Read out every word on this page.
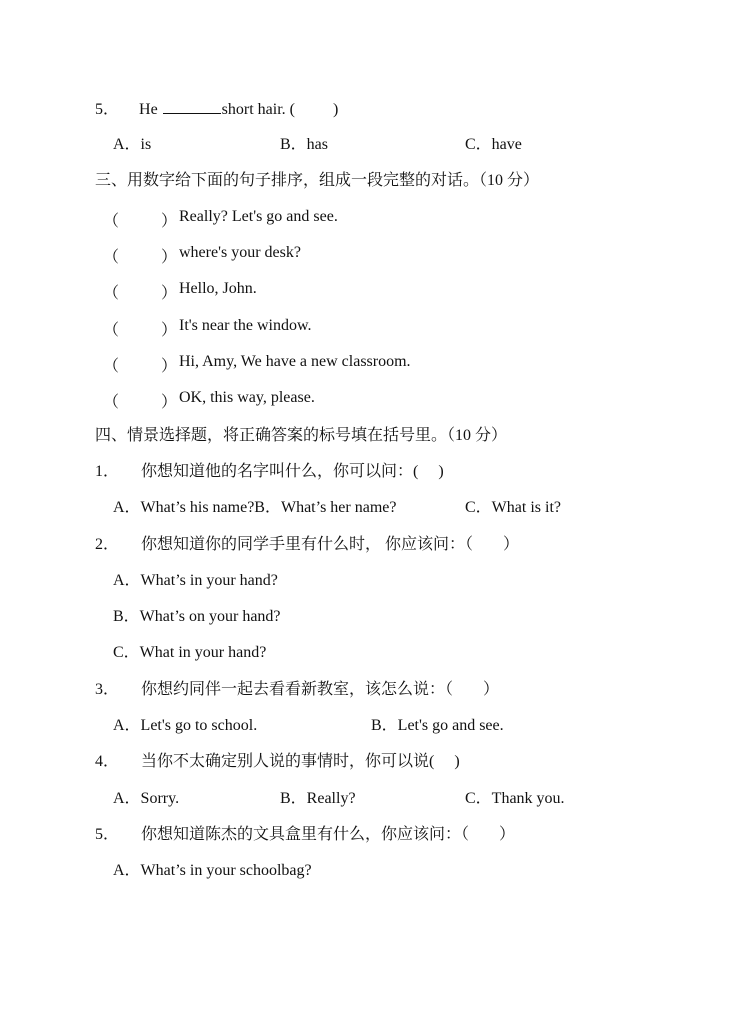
5． He	short hair. ( )
A．is	B．has	C．have
三、用数字给下面的句子排序，组成一段完整的对话。（10 分）
（	） Really? Let's go and see.
（	） where's your desk?
（	） Hello, John.
（	） It's near the window.
（	） Hi, Amy, We have a new classroom.
（	） OK, this way, please.
四、情景选择题，将正确答案的标号填在括号里。（10 分）
1． 你想知道他的名字叫什么，你可以问：( )
A．What’s his name?B．What’s her name?	C．What is it?
2． 你想知道你的同学手里有什么时， 你应该问：（ ）
A．What’s in your hand?
B．What’s on your hand?
C．What in your hand?
3． 你想约同伴一起去看看新教室，该怎么说：（ ）
A．Let's go to school.	B．Let's go and see.
4． 当你不太确定别人说的事情时，你可以说( )
A．Sorry.	B．Really?	C．Thank you.
5． 你想知道陈杰的文具盒里有什么，你应该问：（ ）
A．What’s in your schoolbag?
